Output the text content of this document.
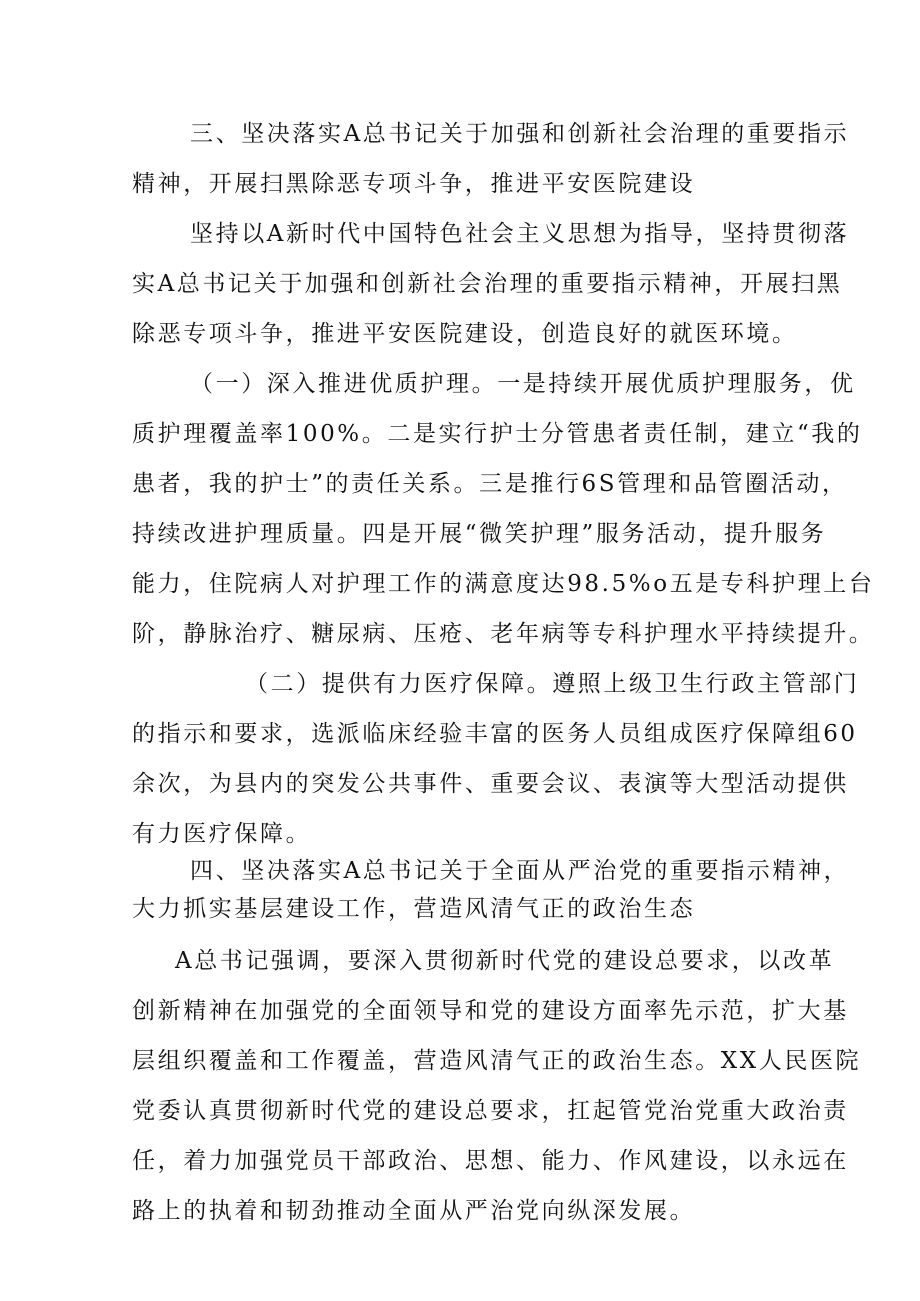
三、坚决落实A总书记关于加强和创新社会治理的重要指示
精神，开展扫黑除恶专项斗争，推进平安医院建设
坚持以A新时代中国特色社会主义思想为指导，坚持贯彻落
实A总书记关于加强和创新社会治理的重要指示精神，开展扫黑
除恶专项斗争，推进平安医院建设，创造良好的就医环境。
（一）深入推进优质护理。一是持续开展优质护理服务，优
质护理覆盖率100%。二是实行护士分管患者责任制，建立“我的
患者，我的护士”的责任关系。三是推行6S管理和品管圈活动，
持续改进护理质量。四是开展“微笑护理”服务活动，提升服务
能力，住院病人对护理工作的满意度达98.5%o五是专科护理上台
阶，静脉治疗、糖尿病、压疮、老年病等专科护理水平持续提升。
（二）提供有力医疗保障。遵照上级卫生行政主管部门
的指示和要求，选派临床经验丰富的医务人员组成医疗保障组60
余次，为县内的突发公共事件、重要会议、表演等大型活动提供
有力医疗保障。
四、坚决落实A总书记关于全面从严治党的重要指示精神，
大力抓实基层建设工作，营造风清气正的政治生态
A总书记强调，要深入贯彻新时代党的建设总要求，以改革
创新精神在加强党的全面领导和党的建设方面率先示范，扩大基
层组织覆盖和工作覆盖，营造风清气正的政治生态。XX人民医院
党委认真贯彻新时代党的建设总要求，扛起管党治党重大政治责
任，着力加强党员干部政治、思想、能力、作风建设，以永远在
路上的执着和韧劲推动全面从严治党向纵深发展。
